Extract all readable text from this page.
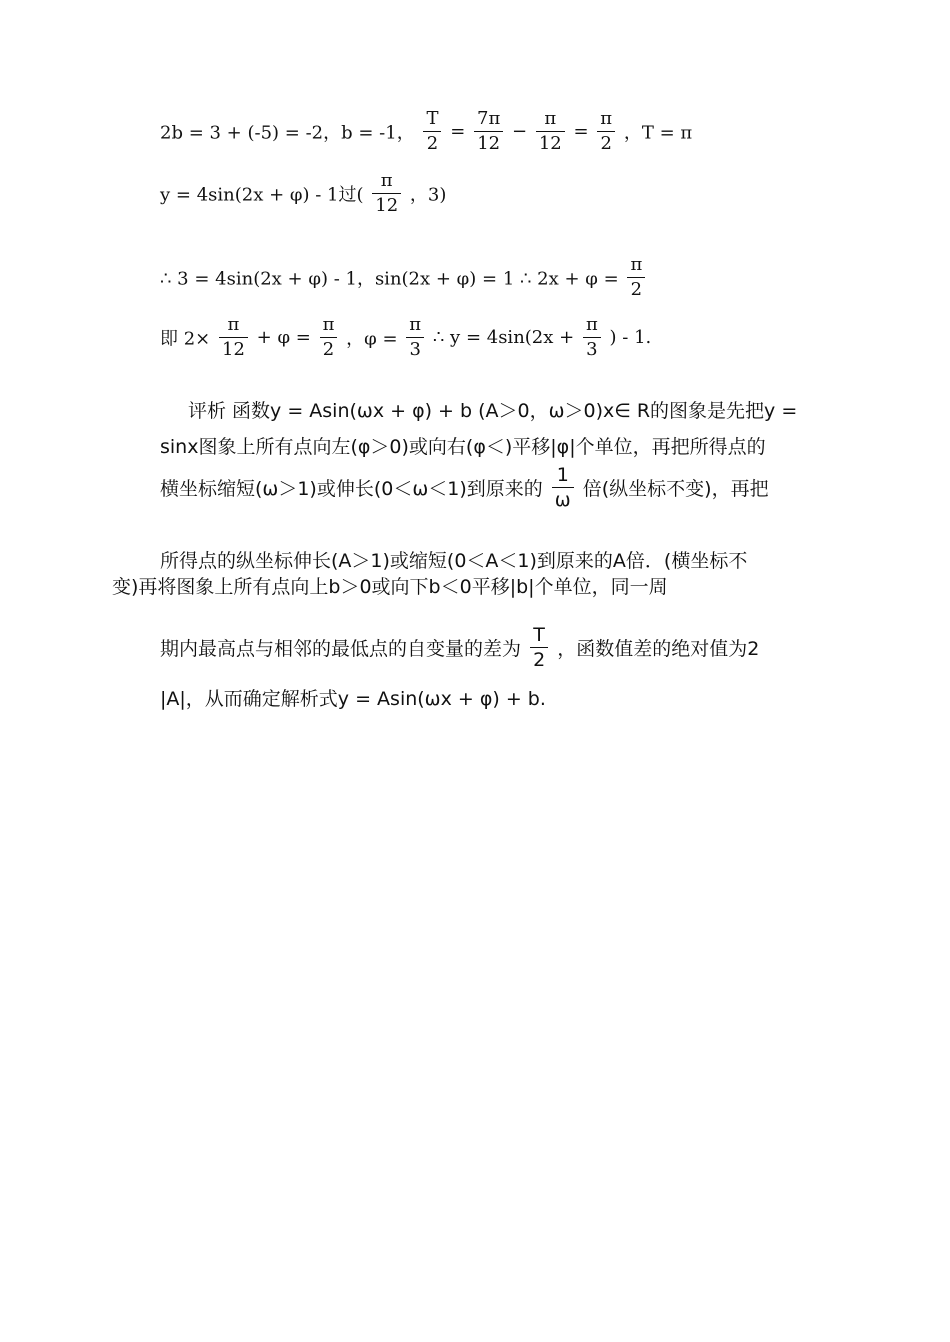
2b = 3 + (-5) = -2，b = -1， $\frac{T}{2} = \frac{7\pi}{12} - \frac{\pi}{12} = \frac{\pi}{2}$ ，T = π
y = 4sin(2x + φ) - 1过( $\frac{\pi}{12}$ ，3)
∴ 3 = 4sin(2x + φ) - 1，sin(2x + φ) = 1 ∴ $2x + \varphi = \frac{\pi}{2}$
即 $2\times \frac{\pi}{12} + \varphi = \frac{\pi}{2}$ ，$\varphi = \frac{\pi}{3}$ ∴ $y = 4\sin(2x + \frac{\pi}{3}$ ) - 1.
评析 函数y = Asin(ωx + φ) + b (A＞0，ω＞0)x∈ R的图象是先把y =
sinx图象上所有点向左(φ＞0)或向右(φ＜)平移|φ|个单位，再把所得点的
横坐标缩短(ω＞1)或伸长(0＜ω＜1)到原来的 $\frac{1}{\omega}$ 倍(纵坐标不变)，再把
所得点的纵坐标伸长(A＞1)或缩短(0＜A＜1)到原来的A倍．(横坐标不
变)再将图象上所有点向上b＞0或向下b＜0平移|b|个单位，同一周
期内最高点与相邻的最低点的自变量的差为 $\frac{T}{2}$ ，函数值差的绝对值为2
|A|，从而确定解析式y = Asin(ωx + φ) + b.
